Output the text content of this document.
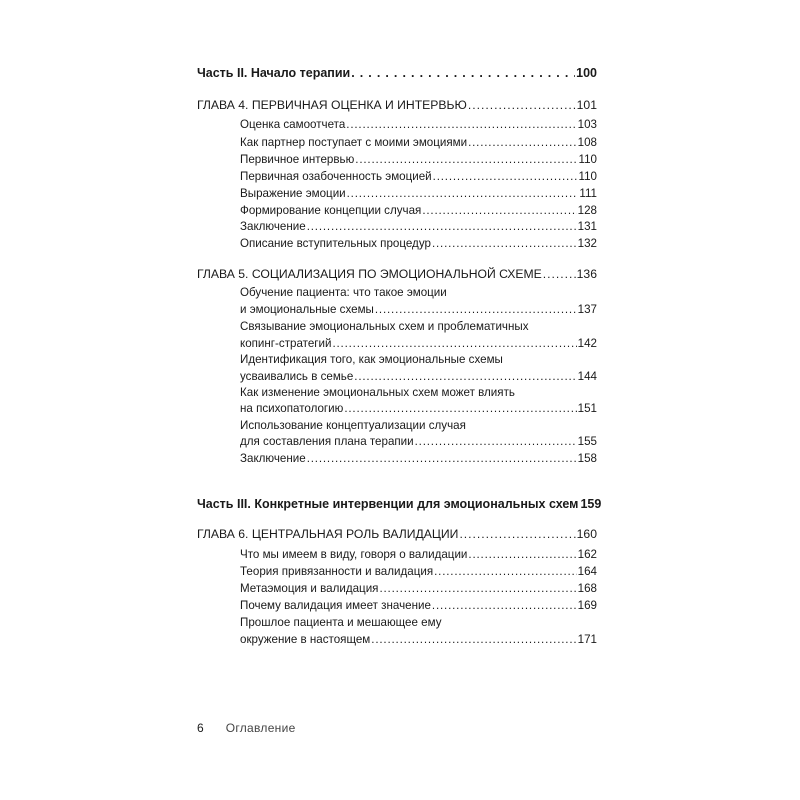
Часть II. Начало терапии . . .	100
ГЛАВА 4. ПЕРВИЧНАЯ ОЦЕНКА И ИНТЕРВЬЮ . . .	101
Оценка самоотчета . . .	103
Как партнер поступает с моими эмоциями . . .	108
Первичное интервью . . .	110
Первичная озабоченность эмоцией . . .	110
Выражение эмоции . . .	111
Формирование концепции случая . . .	128
Заключение . . .	131
Описание вступительных процедур . . .	132
ГЛАВА 5. СОЦИАЛИЗАЦИЯ ПО ЭМОЦИОНАЛЬНОЙ СХЕМЕ . . .	136
Обучение пациента: что такое эмоции
и эмоциональные схемы . . .	137
Связывание эмоциональных схем и проблематичных
копинг-стратегий . . .	142
Идентификация того, как эмоциональные схемы
усваивались в семье . . .	144
Как изменение эмоциональных схем может влиять
на психопатологию . . .	151
Использование концептуализации случая
для составления плана терапии . . .	155
Заключение . . .	158
Часть III. Конкретные интервенции для эмоциональных схем 159
ГЛАВА 6. ЦЕНТРАЛЬНАЯ РОЛЬ ВАЛИДАЦИИ . . .	160
Что мы имеем в виду, говоря о валидации . . .	162
Теория привязанности и валидация . . .	164
Метаэмоция и валидация . . .	168
Почему валидация имеет значение . . .	169
Прошлое пациента и мешающее ему
окружение в настоящем . . .	171
6 Оглавление
